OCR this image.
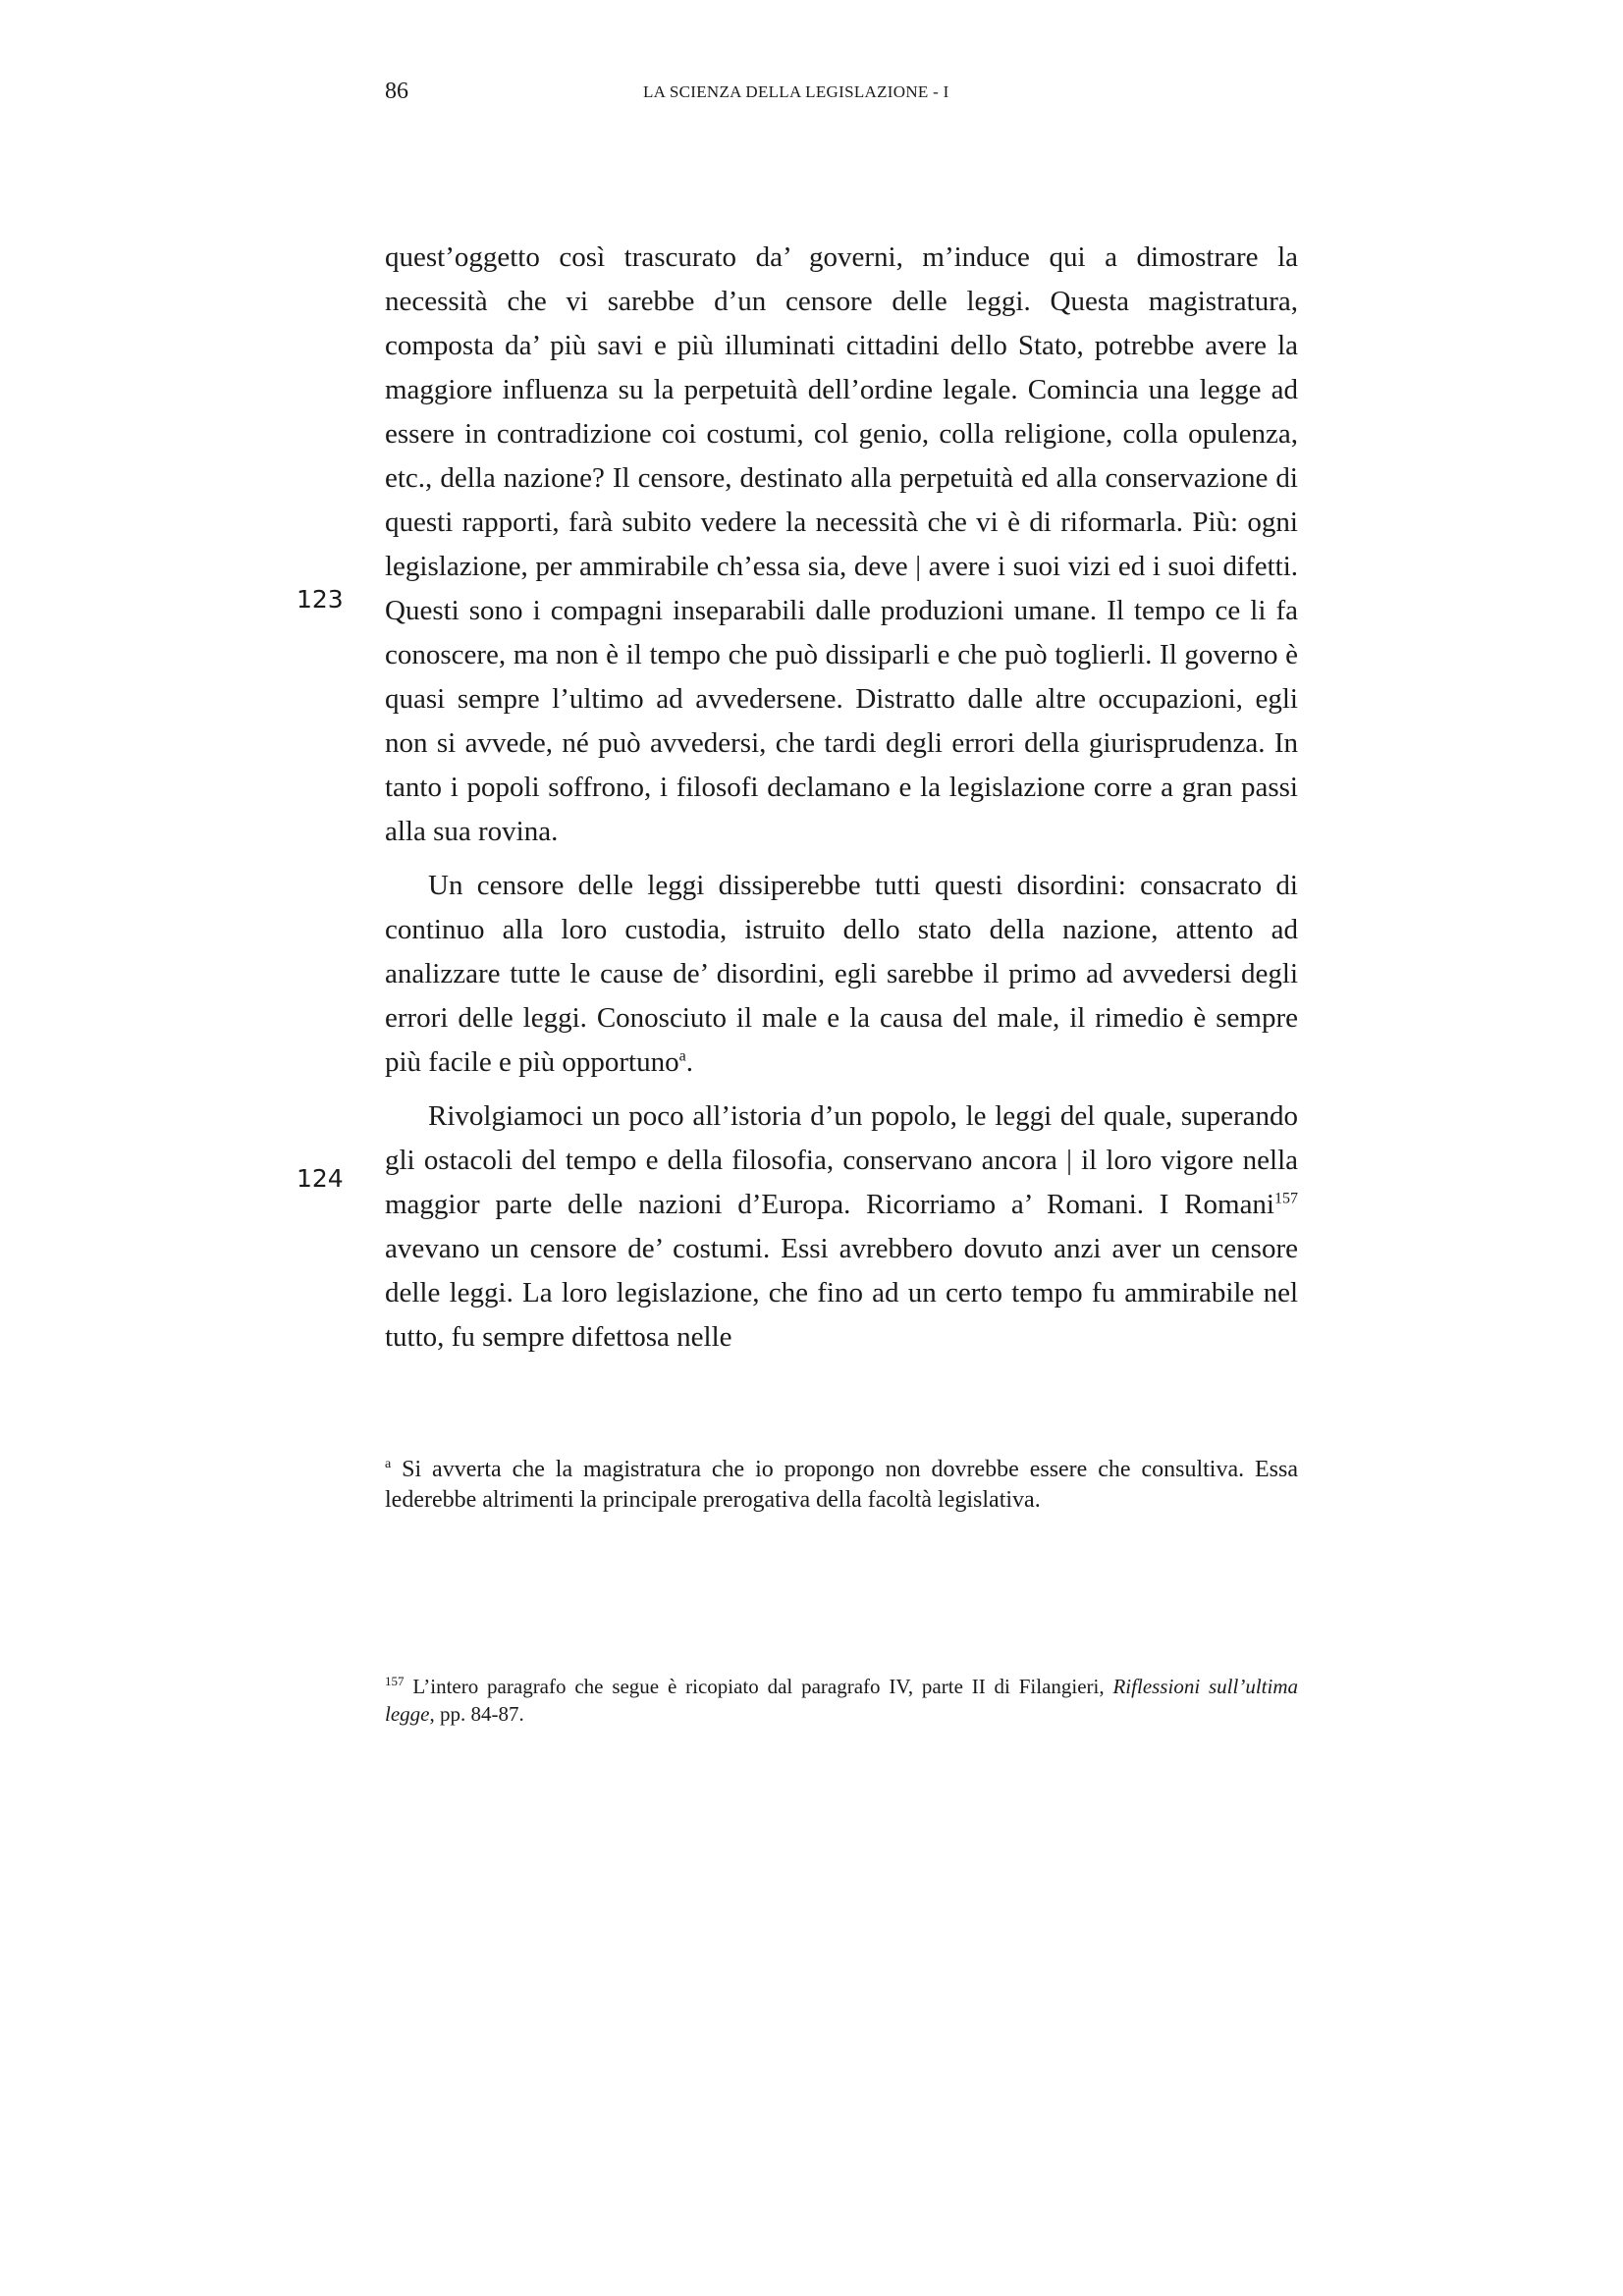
86	LA SCIENZA DELLA LEGISLAZIONE - I
123
124

quest’oggetto così trascurato da’ governi, m’induce qui a dimostrare la necessità che vi sarebbe d’un censore delle leggi. Questa magistratura, composta da’ più savi e più illuminati cittadini dello Stato, potrebbe avere la maggiore influenza su la perpetuità dell’ordine legale. Comincia una legge ad essere in contradizione coi costumi, col genio, colla religione, colla opulenza, etc., della nazione? Il censore, destinato alla perpetuità ed alla conservazione di questi rapporti, farà subito vedere la necessità che vi è di riformarla. Più: ogni legislazione, per ammirabile ch’essa sia, deve | avere i suoi vizi ed i suoi difetti. Questi sono i compagni inseparabili dalle produzioni umane. Il tempo ce li fa conoscere, ma non è il tempo che può dissiparli e che può toglierli. Il governo è quasi sempre l’ultimo ad avvedersene. Distratto dalle altre occupazioni, egli non si avvede, né può avvedersi, che tardi degli errori della giurisprudenza. In tanto i popoli soffrono, i filosofi declamano e la legislazione corre a gran passi alla sua rovina.

Un censore delle leggi dissiperebbe tutti questi disordini: consacrato di continuo alla loro custodia, istruito dello stato della nazione, attento ad analizzare tutte le cause de’ disordini, egli sarebbe il primo ad avvedersi degli errori delle leggi. Conosciuto il male e la causa del male, il rimedio è sempre più facile e più opportuno$^a$.

Rivolgiamoci un poco all’istoria d’un popolo, le leggi del quale, superando gli ostacoli del tempo e della filosofia, conservano ancora | il loro vigore nella maggior parte delle nazioni d’Europa. Ricorriamo a’ Romani. I Romani$^{157}$ avevano un censore de’ costumi. Essi avrebbero dovuto anzi aver un censore delle leggi. La loro legislazione, che fino ad un certo tempo fu ammirabile nel tutto, fu sempre difettosa nelle

$^a$ Si avverta che la magistratura che io propongo non dovrebbe essere che consultiva. Essa lederebbe altrimenti la principale prerogativa della facoltà legislativa.

$^{157}$ L’intero paragrafo che segue è ricopiato dal paragrafo IV, parte II di Filangieri, Riflessioni sull’ultima legge, pp. 84-87.
